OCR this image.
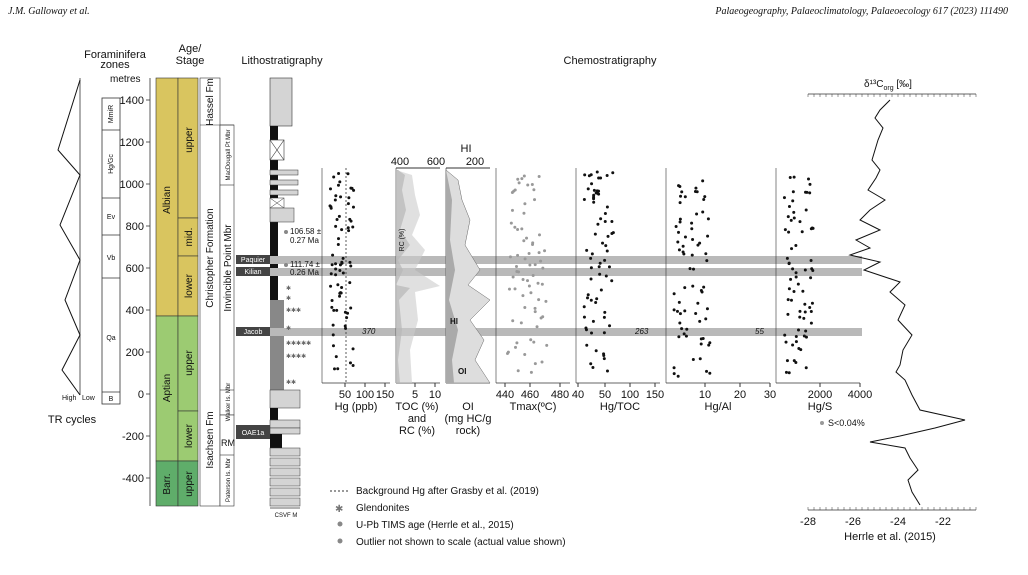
J.M. Galloway et al.	Palaeogeography, Palaeoclimatology, Palaeoecology 617 (2023) 111490
Foraminifera
zones
Age/
Stage	Lithostratigraphy	Chemostratigraphy
$\delta^{13}C_{org}$ [‰]
High Low
TR cycles
MmiR
Hg/Gc
Ev
Vb
Qa
B
metres
1400
1200
1000
800
600
400
200
0
-200
-400
upper
Albian
mid.
lower
upper
Aptian
lower
Barr. upper
Hassel Fm
Christopher Formation Invincible Point Mbr
Isachsen Fm RM
MacDougall Pt Mbr
Walker Is. Mbr
Paterson Is. Mbr
CSVF M
Paquier
Kilian
Jacob
OAE1a
106.58 ±
0.27 Ma
111.74 ±
0.26 Ma
✱
✱
✱✱✱
✱
✱✱✱✱✱
✱✱✱✱
✱✱
50 100 150 5 10	440 460 480 40 50 100 150	10 20 30	2000 4000
Hg (ppb) TOC (%)
and
RC (%)
OI
(mg HC/g
rock)
Tmax(ºC)	Hg/TOC	Hg/Al	Hg/S
400 600
HI
200
S<0.04%
RC (%)
HI
OI
370	263	55
-28	-26	-24	-22
Herrle et al. (2015)
Background Hg after Grasby et al. (2019)
✱ Glendonites
U-Pb TIMS age (Herrle et al., 2015)
Outlier not shown to scale (actual value shown)
